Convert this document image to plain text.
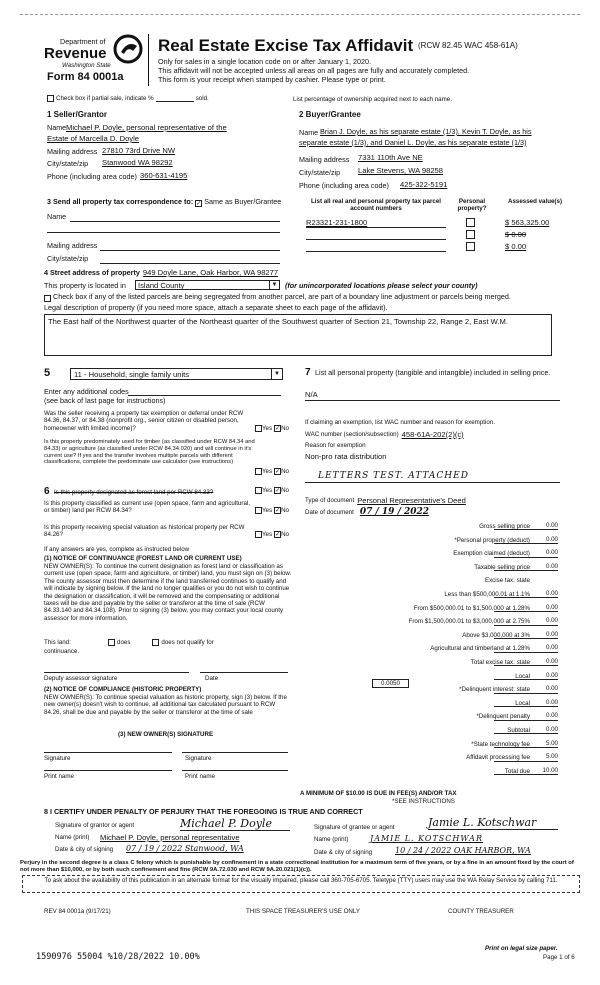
Department of
Revenue
Washington State
Form 84 0001a
Real Estate Excise Tax Affidavit (RCW 82.45 WAC 458-61A)
Only for sales in a single location code on or after January 1, 2020.
This affidavit will not be accepted unless all areas on all pages are fully and accurately completed.
This form is your receipt when stamped by cashier. Please type or print.
Check box if partial sale, indicate %	sold.	List percentage of ownership acquired next to each name.
1 Seller/Grantor
Name Michael P. Doyle, personal representative of the
Estate of Marcella D. Doyle
Mailing address 27810 73rd Drive NW
City/state/zip Stanwood WA 98292
Phone (including area code) 360-631-4195
2 Buyer/Grantee
Name Brian J. Doyle, as his separate estate (1/3), Kevin T. Doyle, as his
separate estate (1/3), and Daniel L. Doyle, as his separate estate (1/3)
Mailing address 7331 110th Ave NE
City/state/zip Lake Stevens, WA 98258
Phone (including area code) 425-322-5191
3 Send all property tax correspondence to: ✓ Same as Buyer/Grantee
Name
Mailing address
City/state/zip
List all real and personal property tax parcel account numbers
Personal property?
Assessed value(s)
R23321-231-1800	$ 563,325.00
$ 0.00
$ 0.00
4 Street address of property 949 Doyle Lane, Oak Harbor, WA 98277
This property is located in	Island County	▼ (for unincorporated locations please select your county)
Check box if any of the listed parcels are being segregated from another parcel, are part of a boundary line adjustment or parcels being merged.
Legal description of property (if you need more space, attach a separate sheet to each page of the affidavit).
The East half of the Northwest quarter of the Northeast quarter of the Southwest quarter of Section 21, Township 22, Range 2, East W.M.
5	11 - Household, single family units	▼
Enter any additional codes
(see back of last page for instructions)
Was the seller receiving a property tax exemption or deferral under RCW 84.36, 84.37, or 84.38 (nonprofit org., senior citizen or disabled person, homeowner with limited income)?	Yes ✓ No
Is this property predominately used for timber (as classified under RCW 84.34 and 84.33) or agriculture (as classified under RCW 84.34.020) and will continue in it's current use? If yes and the transfer involves multiple parcels with different classifications, complete the predominate use calculator (see instructions)
Yes ✓ No
6 Is this property designated as forest land per RCW 84.33?	Yes ✓ No
Is this property classified as current use (open space, farm and agricultural, or timber) land per RCW 84.34?	Yes ✓ No
Is this property receiving special valuation as historical property per RCW 84.26?	Yes ✓ No
If any answers are yes, complete as instructed below
(1) NOTICE OF CONTINUANCE (FOREST LAND OR CURRENT USE)
NEW OWNER(S): To continue the current designation as forest land or classification as current use (open space, farm and agriculture, or timber) land, you must sign on (3) below. The county assessor must then determine if the land transferred continues to qualify and will indicate by signing below. If the land no longer qualifies or you do not wish to continue the designation or classification, it will be removed and the compensating or additional taxes will be due and payable by the seller or transferor at the time of sale (RCW 84.33.140 and 84.34.108). Prior to signing (3) below, you may contact your local county assessor for more information.
This land:	does	does not qualify for
continuance.
Deputy assessor signature	Date
(2) NOTICE OF COMPLIANCE (HISTORIC PROPERTY)
NEW OWNER(S): To continue special valuation as historic property, sign (3) below. If the new owner(s) doesn't wish to continue, all additional tax calculated pursuant to RCW 84.26, shall be due and payable by the seller or transferor at the time of sale
(3) NEW OWNER(S) SIGNATURE
Signature	Signature
Print name	Print name
7 List all personal property (tangible and intangible) included in selling price.
N/A
If claiming an exemption, list WAC number and reason for exemption.
WAC number (section/subsection) 458-61A-202(2)(c)
Reason for exemption
Non-pro rata distribution
LETTERS TEST. ATTACHED
Type of document Personal Representative's Deed
Date of document 07 / 19 / 2022
Gross selling price	0.00
*Personal property (deduct)	0.00
Exemption claimed (deduct)	0.00
Taxable selling price	0.00
Excise tax: state
Less than $500,000.01 at 1.1%	0.00
From $500,000.01 to $1,500,000 at 1.28%	0.00
From $1,500,000.01 to $3,000,000 at 2.75%	0.00
Above $3,000,000 at 3%	0.00
Agricultural and timberland at 1.28%	0.00
Total excise tax: state	0.00
Local	0.00
*Delinquent interest: state	0.00
Local	0.00
*Delinquent penalty	0.00
Subtotal	0.00
*State technology fee	5.00
Affidavit processing fee	5.00
Total due	10.00
0.0050
A MINIMUM OF $10.00 IS DUE IN FEE(S) AND/OR TAX
*SEE INSTRUCTIONS
8 I CERTIFY UNDER PENALTY OF PERJURY THAT THE FOREGOING IS TRUE AND CORRECT
Signature of grantor or agent	Michael P. Doyle
Name (print) Michael P. Doyle, personal representative
Date & city of signing 07 / 19 / 2022 Stanwood, WA
Signature of grantee or agent	Jamie L. Kotschwar
Name (print)	JAMIE L. KOTSCHWAR
Date & city of signing	10 / 24 / 2022 OAK HARBOR, WA
Perjury in the second degree is a class C felony which is punishable by confinement in a state correctional institution for a maximum term of five years, or by a fine in an amount fixed by the court of not more than $10,000, or by both such confinement and fine (RCW 9A.72.030 and RCW 9A.20.021(1)(c)).
To ask about the availability of this publication in an alternate format for the visually impaired, please call 360-705-6705. Teletype (TTY) users may use the WA Relay Service by calling 711.
REV 84 0001a (9/17/21)	THIS SPACE TREASURER'S USE ONLY	COUNTY TREASURER
Print on legal size paper.
Page 1 of 6
1590976 55004 %10/28/2022 10.00%
